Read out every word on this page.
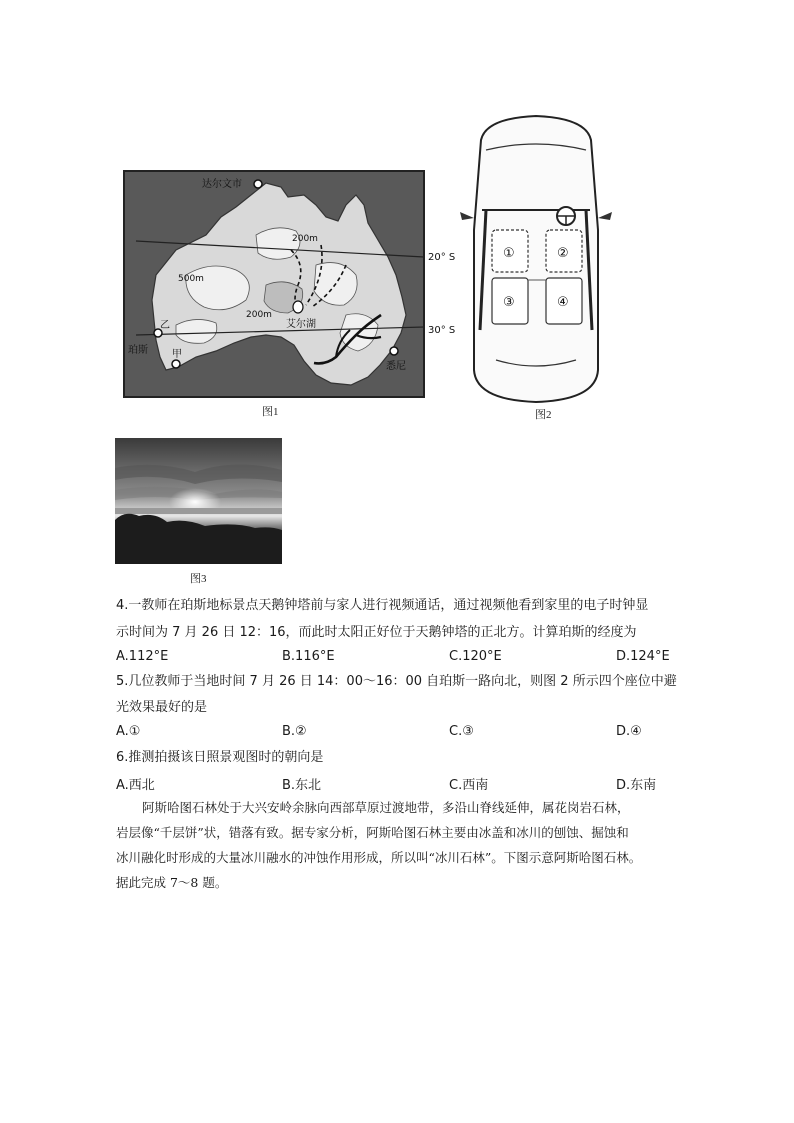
达尔文市
200m
500m
200m
艾尔湖
乙
珀斯 甲
悉尼
20° S
30° S
图1
①	②
③	④
图2
图3
4.一教师在珀斯地标景点天鹅钟塔前与家人进行视频通话，通过视频他看到家里的电子时钟显
示时间为 7 月 26 日 12：16，而此时太阳正好位于天鹅钟塔的正北方。计算珀斯的经度为
A.112°E	B.116°E	C.120°E	D.124°E
5.几位教师于当地时间 7 月 26 日 14：00～16：00 自珀斯一路向北，则图 2 所示四个座位中避
光效果最好的是
A.①	B.②	C.③	D.④
6.推测拍摄该日照景观图时的朝向是
A.西北	B.东北	C.西南	D.东南
阿斯哈图石林处于大兴安岭余脉向西部草原过渡地带，多沿山脊线延伸，属花岗岩石林，
岩层像“千层饼”状，错落有致。据专家分析，阿斯哈图石林主要由冰盖和冰川的刨蚀、掘蚀和
冰川融化时形成的大量冰川融水的冲蚀作用形成，所以叫“冰川石林”。下图示意阿斯哈图石林。
据此完成 7～8 题。
